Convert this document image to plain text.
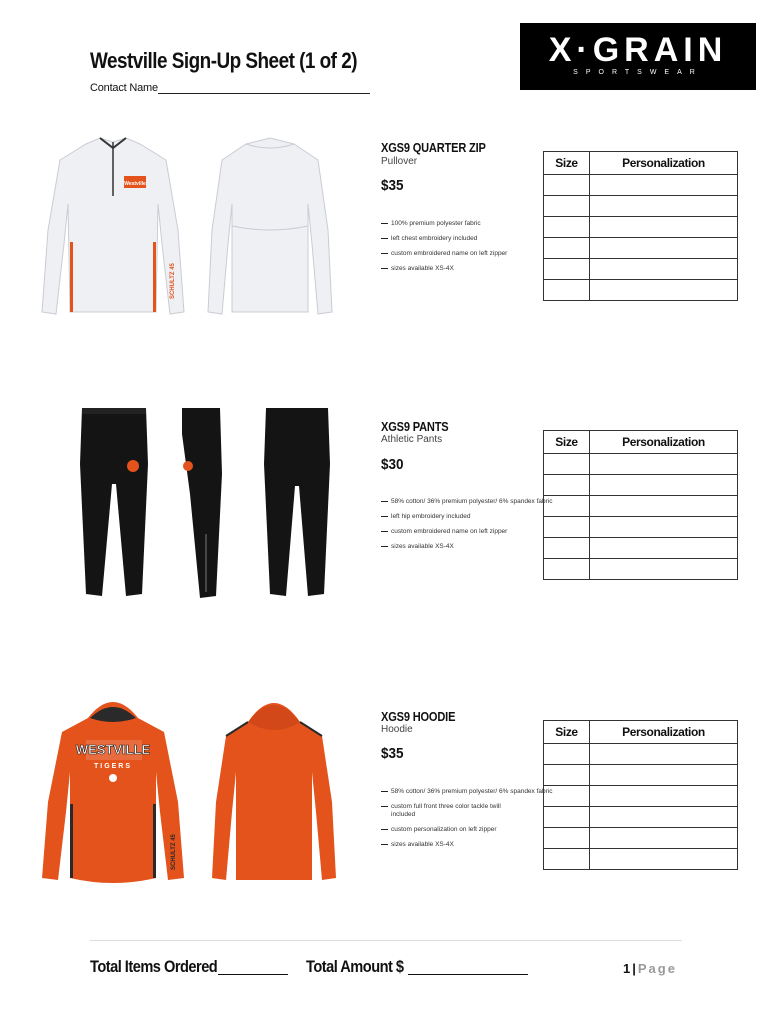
Westville Sign-Up Sheet (1 of 2)
Contact Name
X·GRAIN
SPORTSWEAR
Westville
SCHULTZ 45
XGS9 QUARTER ZIP
Pullover
$35
100% premium polyester fabric
left chest embroidery included
custom embroidered name on left zipper
sizes available XS-4X
Size	Personalization

XGS9 PANTS
Athletic Pants
$30
58% cotton/ 36% premium polyester/ 6% spandex fabric
left hip embroidery included
custom embroidered name on left zipper
sizes available XS-4X
Size	Personalization

WESTVILLE
TIGERS
SCHULTZ 45
XGS9 HOODIE
Hoodie
$35
58% cotton/ 36% premium polyester/ 6% spandex fabric
custom full front three color tackle twill included
custom personalization on left zipper
sizes available XS-4X
Size	Personalization

Total Items Ordered	Total Amount $	1 | Page
